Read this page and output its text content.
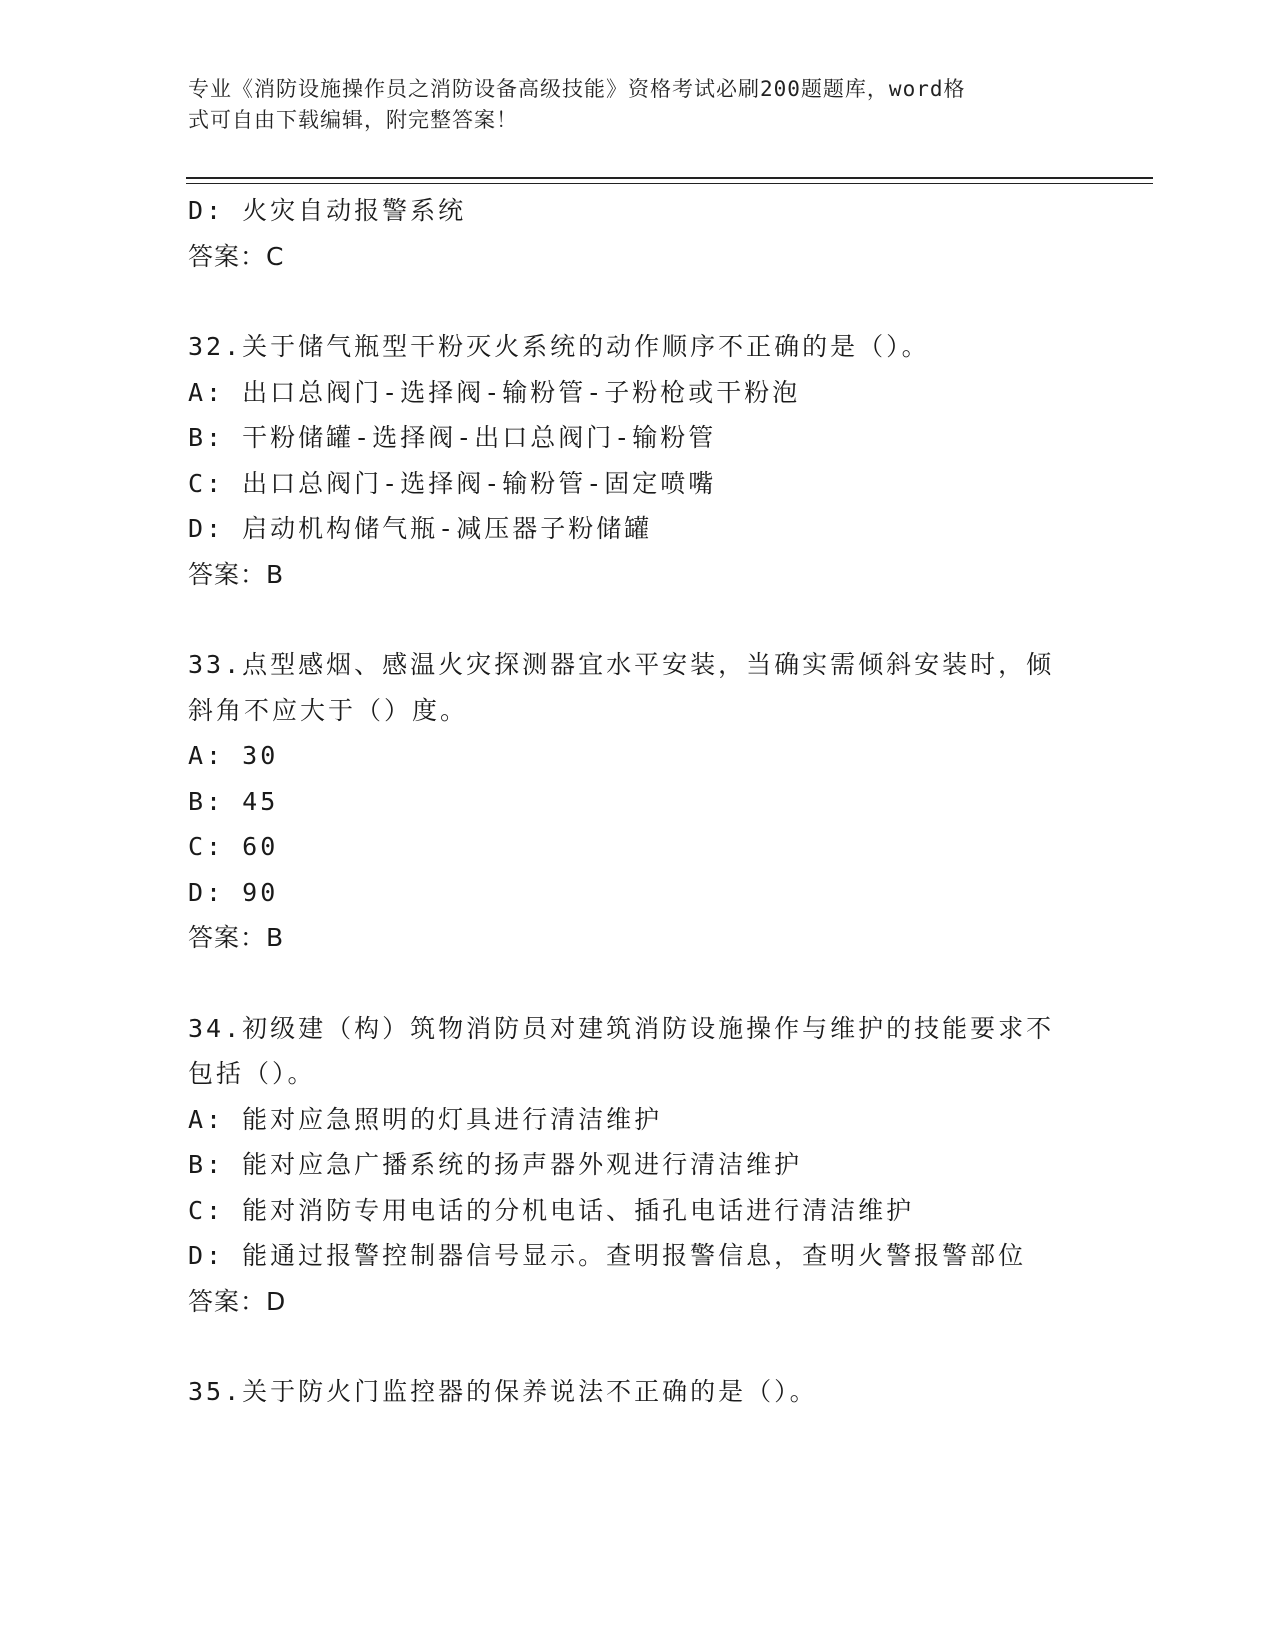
专业《消防设施操作员之消防设备高级技能》资格考试必刷200题题库，word格
式可自由下载编辑，附完整答案！
D: 火灾自动报警系统
答案：C
32.关于储气瓶型干粉灭火系统的动作顺序不正确的是（）。
A: 出口总阀门-选择阀-输粉管-子粉枪或干粉泡
B: 干粉储罐-选择阀-出口总阀门-输粉管
C: 出口总阀门-选择阀-输粉管-固定喷嘴
D: 启动机构储气瓶-减压器子粉储罐
答案：B
33.点型感烟、感温火灾探测器宜水平安装，当确实需倾斜安装时，倾
斜角不应大于（）度。
A: 30
B: 45
C: 60
D: 90
答案：B
34.初级建（构）筑物消防员对建筑消防设施操作与维护的技能要求不
包括（）。
A: 能对应急照明的灯具进行清洁维护
B: 能对应急广播系统的扬声器外观进行清洁维护
C: 能对消防专用电话的分机电话、插孔电话进行清洁维护
D: 能通过报警控制器信号显示。查明报警信息，查明火警报警部位
答案：D
35.关于防火门监控器的保养说法不正确的是（）。
